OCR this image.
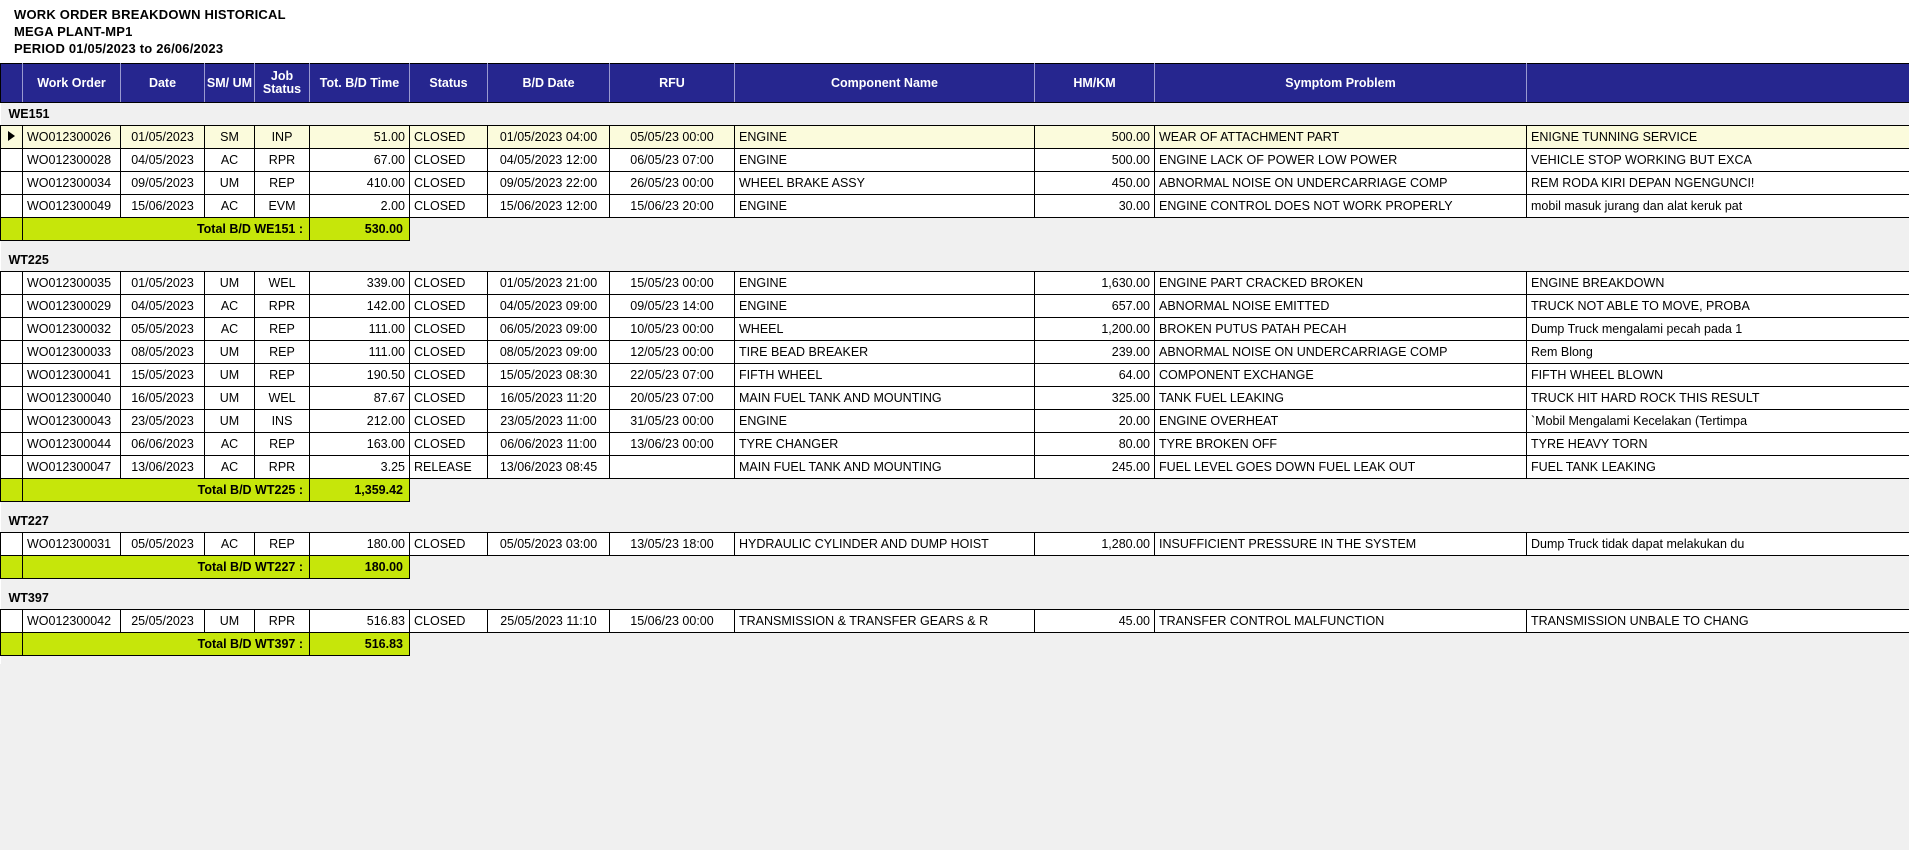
WORK ORDER BREAKDOWN HISTORICAL
MEGA PLANT-MP1
PERIOD 01/05/2023 to 26/06/2023
	Work Order	Date	SM/ UM	Job Status	Tot. B/D Time	Status	B/D Date	RFU	Component Name	HM/KM	Symptom Problem	
WE151												

	WO012300026	01/05/2023	SM	INP	51.00	CLOSED	01/05/2023 04:00	05/05/23 00:00	ENGINE	500.00	WEAR OF ATTACHMENT PART	ENIGNE TUNNING SERVICE

	WO012300028	04/05/2023	AC	RPR	67.00	CLOSED	04/05/2023 12:00	06/05/23 07:00	ENGINE	500.00	ENGINE LACK OF POWER LOW POWER	VEHICLE STOP WORKING BUT EXCA

	WO012300034	09/05/2023	UM	REP	410.00	CLOSED	09/05/2023 22:00	26/05/23 00:00	WHEEL BRAKE ASSY	450.00	ABNORMAL NOISE ON UNDERCARRIAGE COMP	REM RODA KIRI DEPAN NGENGUNCI!

	WO012300049	15/06/2023	AC	EVM	2.00	CLOSED	15/06/2023 12:00	15/06/23 20:00	ENGINE	30.00	ENGINE CONTROL DOES NOT WORK PROPERLY	mobil masuk jurang dan alat keruk pat

	Total B/D WE151 :				530.00							

WT225												

	WO012300035	01/05/2023	UM	WEL	339.00	CLOSED	01/05/2023 21:00	15/05/23 00:00	ENGINE	1,630.00	ENGINE PART CRACKED BROKEN	ENGINE BREAKDOWN

	WO012300029	04/05/2023	AC	RPR	142.00	CLOSED	04/05/2023 09:00	09/05/23 14:00	ENGINE	657.00	ABNORMAL NOISE EMITTED	TRUCK NOT ABLE TO MOVE, PROBA

	WO012300032	05/05/2023	AC	REP	111.00	CLOSED	06/05/2023 09:00	10/05/23 00:00	WHEEL	1,200.00	BROKEN PUTUS PATAH PECAH	Dump Truck mengalami pecah pada 1

	WO012300033	08/05/2023	UM	REP	111.00	CLOSED	08/05/2023 09:00	12/05/23 00:00	TIRE BEAD BREAKER	239.00	ABNORMAL NOISE ON UNDERCARRIAGE COMP	Rem Blong

	WO012300041	15/05/2023	UM	REP	190.50	CLOSED	15/05/2023 08:30	22/05/23 07:00	FIFTH WHEEL	64.00	COMPONENT EXCHANGE	FIFTH WHEEL BLOWN

	WO012300040	16/05/2023	UM	WEL	87.67	CLOSED	16/05/2023 11:20	20/05/23 07:00	MAIN FUEL TANK AND MOUNTING	325.00	TANK FUEL LEAKING	TRUCK HIT HARD ROCK THIS RESULT

	WO012300043	23/05/2023	UM	INS	212.00	CLOSED	23/05/2023 11:00	31/05/23 00:00	ENGINE	20.00	ENGINE OVERHEAT	`Mobil Mengalami Kecelakan (Tertimpa

	WO012300044	06/06/2023	AC	REP	163.00	CLOSED	06/06/2023 11:00	13/06/23 00:00	TYRE CHANGER	80.00	TYRE BROKEN OFF	TYRE HEAVY TORN

	WO012300047	13/06/2023	AC	RPR	3.25	RELEASE	13/06/2023 08:45		MAIN FUEL TANK AND MOUNTING	245.00	FUEL LEVEL GOES DOWN FUEL LEAK OUT	FUEL TANK LEAKING

	Total B/D WT225 :				1,359.42							

WT227												

	WO012300031	05/05/2023	AC	REP	180.00	CLOSED	05/05/2023 03:00	13/05/23 18:00	HYDRAULIC CYLINDER AND DUMP HOIST	1,280.00	INSUFFICIENT PRESSURE IN THE SYSTEM	Dump Truck tidak dapat melakukan du

	Total B/D WT227 :				180.00							

WT397												

	WO012300042	25/05/2023	UM	RPR	516.83	CLOSED	25/05/2023 11:10	15/06/23 00:00	TRANSMISSION & TRANSFER GEARS & R	45.00	TRANSFER CONTROL MALFUNCTION	TRANSMISSION UNBALE TO CHANG

	Total B/D WT397 :				516.83							
